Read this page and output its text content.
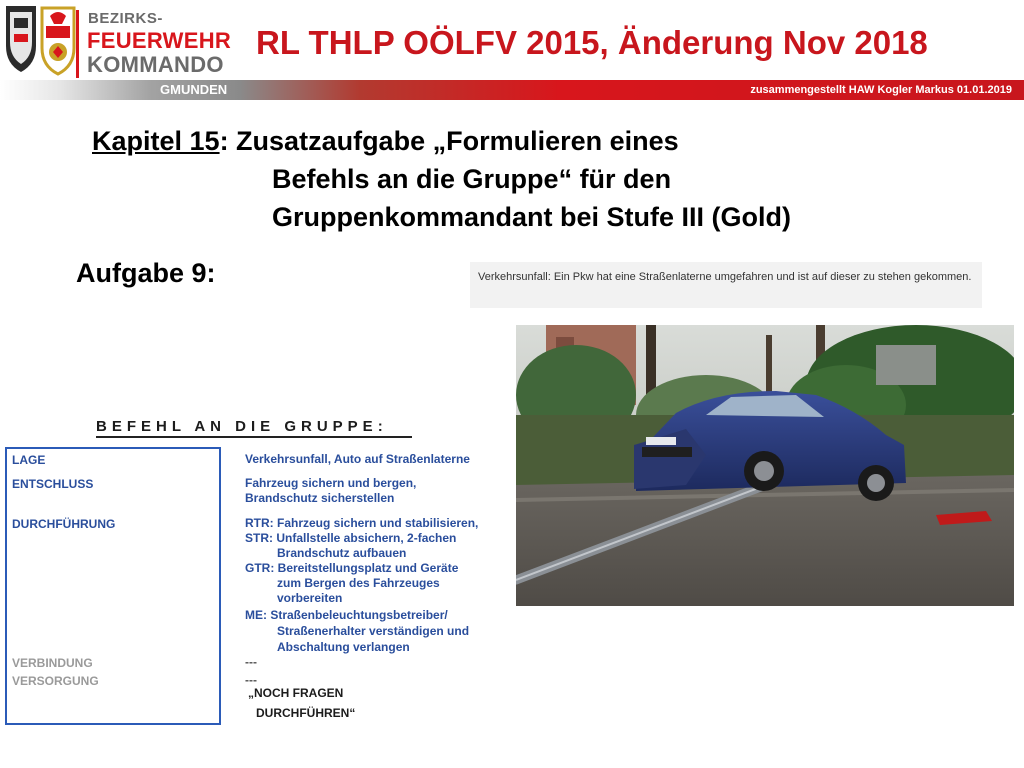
BEZIRKS-
FEUERWEHR
KOMMANDO
RL THLP OÖLFV 2015, Änderung Nov 2018
GMUNDEN	zusammengestellt HAW Kogler Markus 01.01.2019
Kapitel 15: Zusatzaufgabe „Formulieren eines
Befehls an die Gruppe“ für den
Gruppenkommandant bei Stufe III (Gold)
Aufgabe 9:	Verkehrsunfall: Ein Pkw hat eine Straßenlaterne umgefahren und ist auf dieser zu stehen gekommen.
BEFEHL AN DIE GRUPPE:
LAGE
ENTSCHLUSS
DURCHFÜHRUNG
VERBINDUNG
VERSORGUNG
Verkehrsunfall, Auto auf Straßenlaterne
Fahrzeug sichern und bergen,
Brandschutz sicherstellen
RTR: Fahrzeug sichern und stabilisieren,
STR: Unfallstelle absichern, 2-fachen
Brandschutz aufbauen
GTR: Bereitstellungsplatz und Geräte
zum Bergen des Fahrzeuges
vorbereiten
ME: Straßenbeleuchtungsbetreiber/
Straßenerhalter verständigen und
Abschaltung verlangen
---
---
„NOCH FRAGEN
DURCHFÜHREN“
